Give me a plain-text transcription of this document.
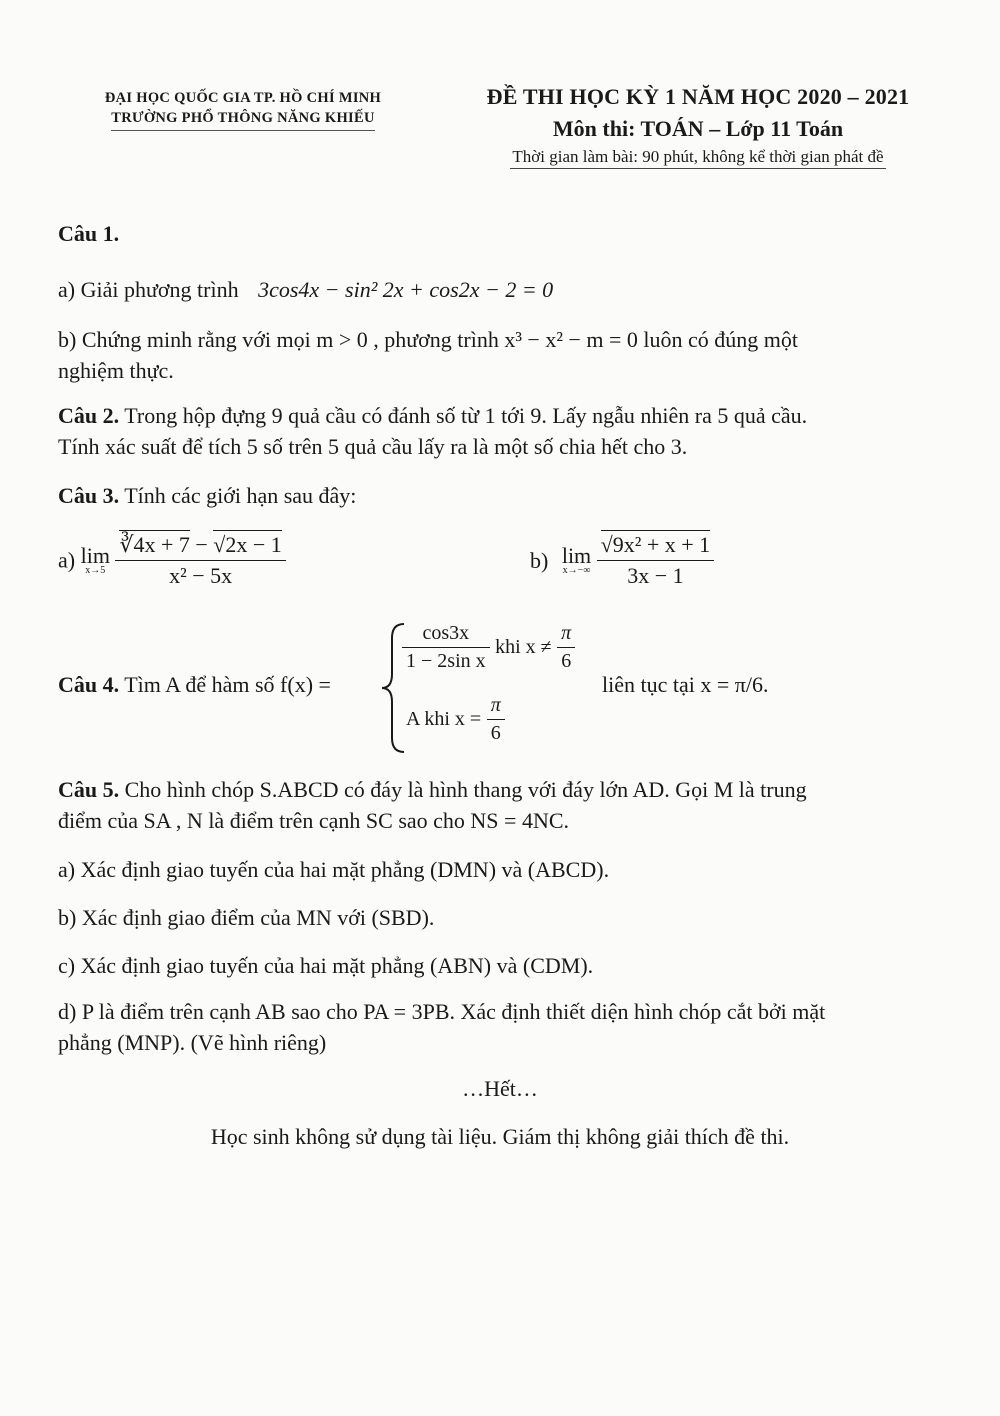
ĐẠI HỌC QUỐC GIA TP. HỒ CHÍ MINH
TRƯỜNG PHỔ THÔNG NĂNG KHIẾU
ĐỀ THI HỌC KỲ 1 NĂM HỌC 2020 – 2021
Môn thi: TOÁN – Lớp 11 Toán
Thời gian làm bài: 90 phút, không kể thời gian phát đề
Câu 1.
a) Giải phương trình 3cos4x − sin² 2x + cos2x − 2 = 0
b) Chứng minh rằng với mọi m > 0 , phương trình x³ − x² − m = 0 luôn có đúng một
nghiệm thực.
Câu 2. Trong hộp đựng 9 quả cầu có đánh số từ 1 tới 9. Lấy ngẫu nhiên ra 5 quả cầu.
Tính xác suất để tích 5 số trên 5 quả cầu lấy ra là một số chia hết cho 3.
Câu 3. Tính các giới hạn sau đây:
a) lim
x→5
$\frac{∛4x + 7 - √2x - 1}{\text{x² − 5x}}$	b) lim
x→−∞
$\frac{\text{√9x² + x + 1}}{3x - 1}$
Câu 4. Tìm A để hàm số f(x) =
$\frac{\cos 3x}{\text{1 − 2sin x}}$ khi $x \ne \frac{\pi}{6}$
A khi $x = \frac{\pi}{6}$
liên tục tại x = π/6.
Câu 5. Cho hình chóp S.ABCD có đáy là hình thang với đáy lớn AD. Gọi M là trung
điểm của SA , N là điểm trên cạnh SC sao cho NS = 4NC.
a) Xác định giao tuyến của hai mặt phẳng (DMN) và (ABCD).
b) Xác định giao điểm của MN với (SBD).
c) Xác định giao tuyến của hai mặt phẳng (ABN) và (CDM).
d) P là điểm trên cạnh AB sao cho PA = 3PB. Xác định thiết diện hình chóp cắt bởi mặt
phẳng (MNP). (Vẽ hình riêng)
…Hết…
Học sinh không sử dụng tài liệu. Giám thị không giải thích đề thi.
